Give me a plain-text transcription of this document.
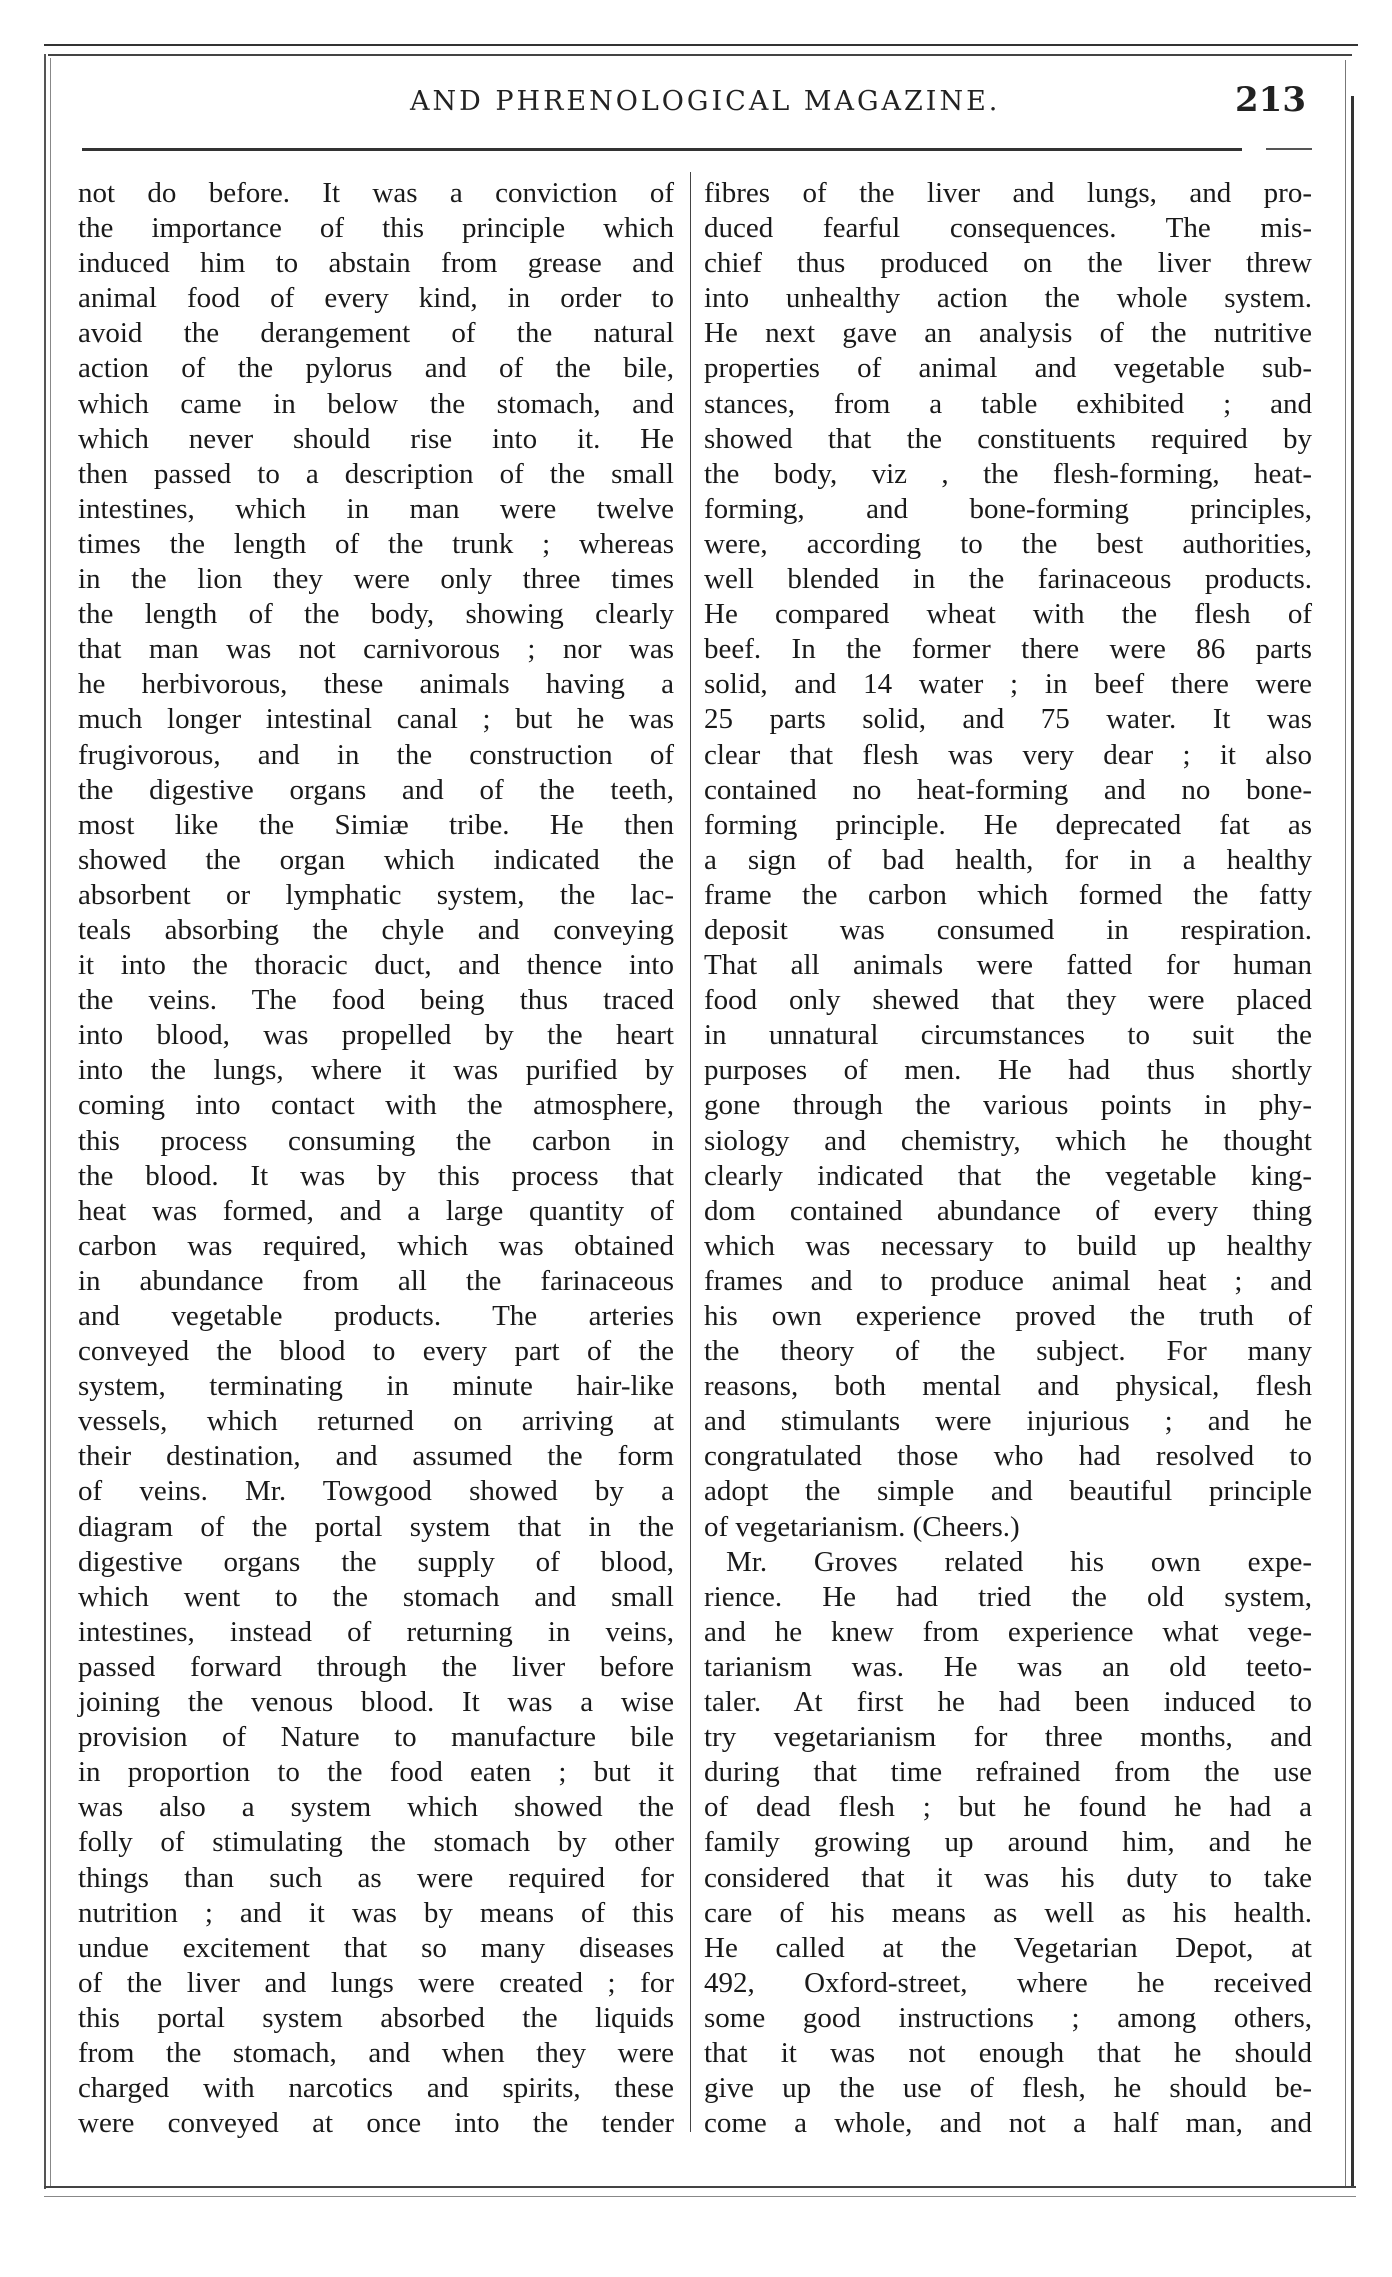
AND PHRENOLOGICAL MAGAZINE.	213
not do before. It was a conviction of
the importance of this principle which
induced him to abstain from grease and
animal food of every kind, in order to
avoid the derangement of the natural
action of the pylorus and of the bile,
which came in below the stomach, and
which never should rise into it. He
then passed to a description of the small
intestines, which in man were twelve
times the length of the trunk ; whereas
in the lion they were only three times
the length of the body, showing clearly
that man was not carnivorous ; nor was
he herbivorous, these animals having a
much longer intestinal canal ; but he was
frugivorous, and in the construction of
the digestive organs and of the teeth,
most like the Simiæ tribe. He then
showed the organ which indicated the
absorbent or lymphatic system, the lac-
teals absorbing the chyle and conveying
it into the thoracic duct, and thence into
the veins. The food being thus traced
into blood, was propelled by the heart
into the lungs, where it was purified by
coming into contact with the atmosphere,
this process consuming the carbon in
the blood. It was by this process that
heat was formed, and a large quantity of
carbon was required, which was obtained
in abundance from all the farinaceous
and vegetable products. The arteries
conveyed the blood to every part of the
system, terminating in minute hair-like
vessels, which returned on arriving at
their destination, and assumed the form
of veins. Mr. Towgood showed by a
diagram of the portal system that in the
digestive organs the supply of blood,
which went to the stomach and small
intestines, instead of returning in veins,
passed forward through the liver before
joining the venous blood. It was a wise
provision of Nature to manufacture bile
in proportion to the food eaten ; but it
was also a system which showed the
folly of stimulating the stomach by other
things than such as were required for
nutrition ; and it was by means of this
undue excitement that so many diseases
of the liver and lungs were created ; for
this portal system absorbed the liquids
from the stomach, and when they were
charged with narcotics and spirits, these
were conveyed at once into the tender
fibres of the liver and lungs, and pro-
duced fearful consequences. The mis-
chief thus produced on the liver threw
into unhealthy action the whole system.
He next gave an analysis of the nutritive
properties of animal and vegetable sub-
stances, from a table exhibited ; and
showed that the constituents required by
the body, viz , the flesh-forming, heat-
forming, and bone-forming principles,
were, according to the best authorities,
well blended in the farinaceous products.
He compared wheat with the flesh of
beef. In the former there were 86 parts
solid, and 14 water ; in beef there were
25 parts solid, and 75 water. It was
clear that flesh was very dear ; it also
contained no heat-forming and no bone-
forming principle. He deprecated fat as
a sign of bad health, for in a healthy
frame the carbon which formed the fatty
deposit was consumed in respiration.
That all animals were fatted for human
food only shewed that they were placed
in unnatural circumstances to suit the
purposes of men. He had thus shortly
gone through the various points in phy-
siology and chemistry, which he thought
clearly indicated that the vegetable king-
dom contained abundance of every thing
which was necessary to build up healthy
frames and to produce animal heat ; and
his own experience proved the truth of
the theory of the subject. For many
reasons, both mental and physical, flesh
and stimulants were injurious ; and he
congratulated those who had resolved to
adopt the simple and beautiful principle
of vegetarianism. (Cheers.)
Mr. Groves related his own expe-
rience. He had tried the old system,
and he knew from experience what vege-
tarianism was. He was an old teeto-
taler. At first he had been induced to
try vegetarianism for three months, and
during that time refrained from the use
of dead flesh ; but he found he had a
family growing up around him, and he
considered that it was his duty to take
care of his means as well as his health.
He called at the Vegetarian Depot, at
492, Oxford-street, where he received
some good instructions ; among others,
that it was not enough that he should
give up the use of flesh, he should be-
come a whole, and not a half man, and
